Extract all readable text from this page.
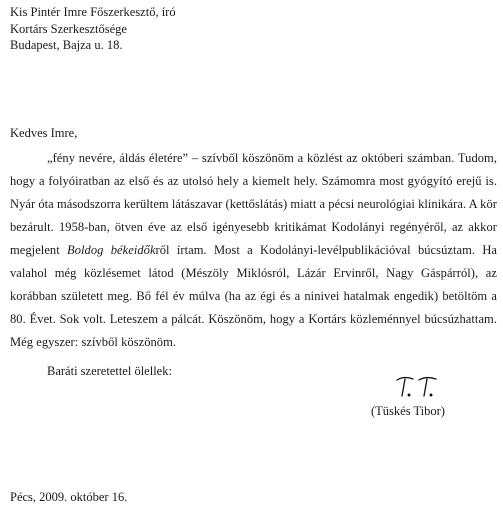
Kis Pintér Imre Főszerkesztő, író
Kortárs Szerkesztősége
Budapest, Bajza u. 18.
Kedves Imre,
„fény nevére, áldás életére” – szívből köszönöm a közlést az októberi számban. Tudom, hogy a folyóiratban az első és az utolsó hely a kiemelt hely. Számomra most gyógyító erejű is. Nyár óta másodszorra kerültem látászavar (kettőslátás) miatt a pécsi neurológiai klinikára. A kör bezárult. 1958-ban, ötven éve az első igényesebb kritikámat Kodolányi regényéről, az akkor megjelent Boldog békeidőkről írtam. Most a Kodolányi-levélpublikációval búcsúztam. Ha valahol még közlésemet látod (Mészöly Miklósról, Lázár Ervinről, Nagy Gáspárról), az korábban született meg. Bő fél év múlva (ha az égi és a ninivei hatalmak engedik) betöltöm a 80. Évet. Sok volt. Leteszem a pálcát. Köszönöm, hogy a Kortárs közleménnyel búcsúzhattam. Még egyszer: szívből köszönöm.
Baráti szeretettel ölellek:
(Tüskés Tibor)
Pécs, 2009. október 16.
